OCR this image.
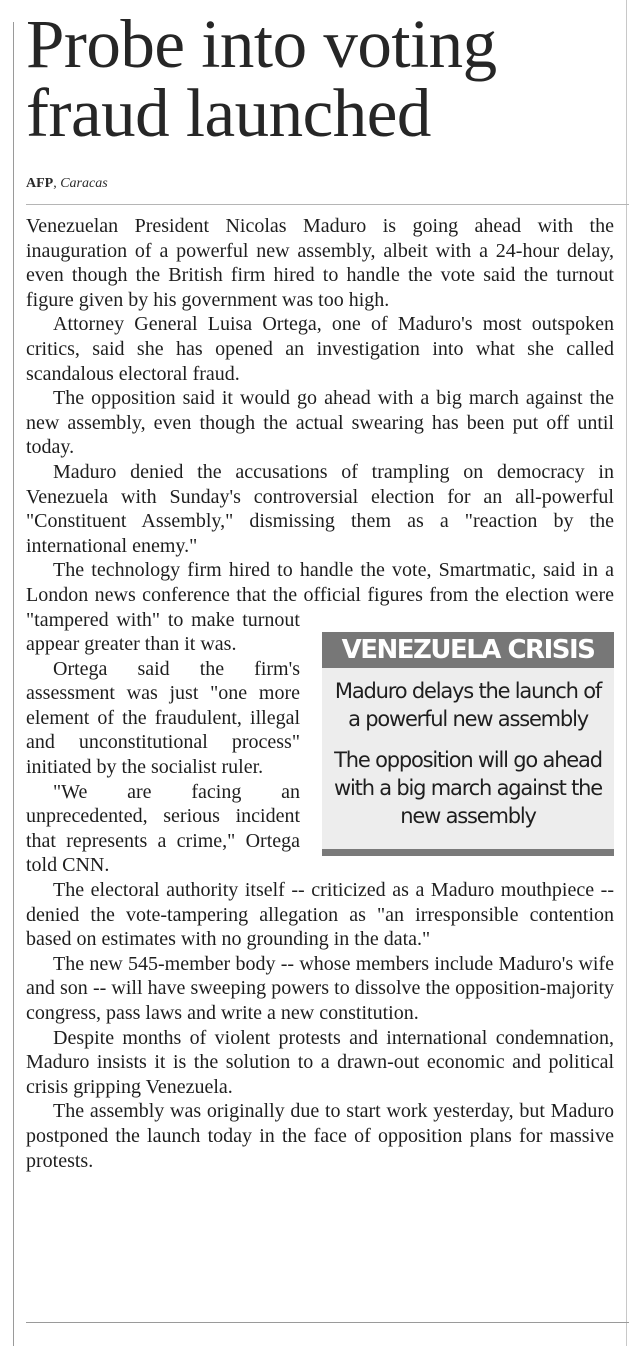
Probe into voting fraud launched
AFP, Caracas
VENEZUELA CRISIS
Maduro delays the launch of a powerful new assembly
The opposition will go ahead with a big march against the new assembly

Venezuelan President Nicolas Maduro is going ahead with the inauguration of a powerful new assembly, albeit with a 24-hour delay, even though the British firm hired to handle the vote said the turnout figure given by his government was too high.

Attorney General Luisa Ortega, one of Maduro's most outspoken critics, said she has opened an investigation into what she called scandalous electoral fraud.

The opposition said it would go ahead with a big march against the new assembly, even though the actual swearing has been put off until today.

Maduro denied the accusations of trampling on democracy in Venezuela with Sunday's controversial election for an all-powerful "Constituent Assembly," dismissing them as a "reaction by the international enemy."

The technology firm hired to handle the vote, Smartmatic, said in a London news conference that the official figures from the election were "tampered with" to make turnout appear greater than it was.

Ortega said the firm's assessment was just "one more element of the fraudulent, illegal and unconstitutional process" initiated by the socialist ruler.

"We are facing an unprecedented, serious incident that represents a crime," Ortega told CNN.

The electoral authority itself -- criticized as a Maduro mouthpiece -- denied the vote-tampering allegation as "an irresponsible contention based on estimates with no grounding in the data."

The new 545-member body -- whose members include Maduro's wife and son -- will have sweeping powers to dissolve the opposition-majority congress, pass laws and write a new constitution.

Despite months of violent protests and international condemnation, Maduro insists it is the solution to a drawn-out economic and political crisis gripping Venezuela.

The assembly was originally due to start work yesterday, but Maduro postponed the launch today in the face of opposition plans for massive protests.
